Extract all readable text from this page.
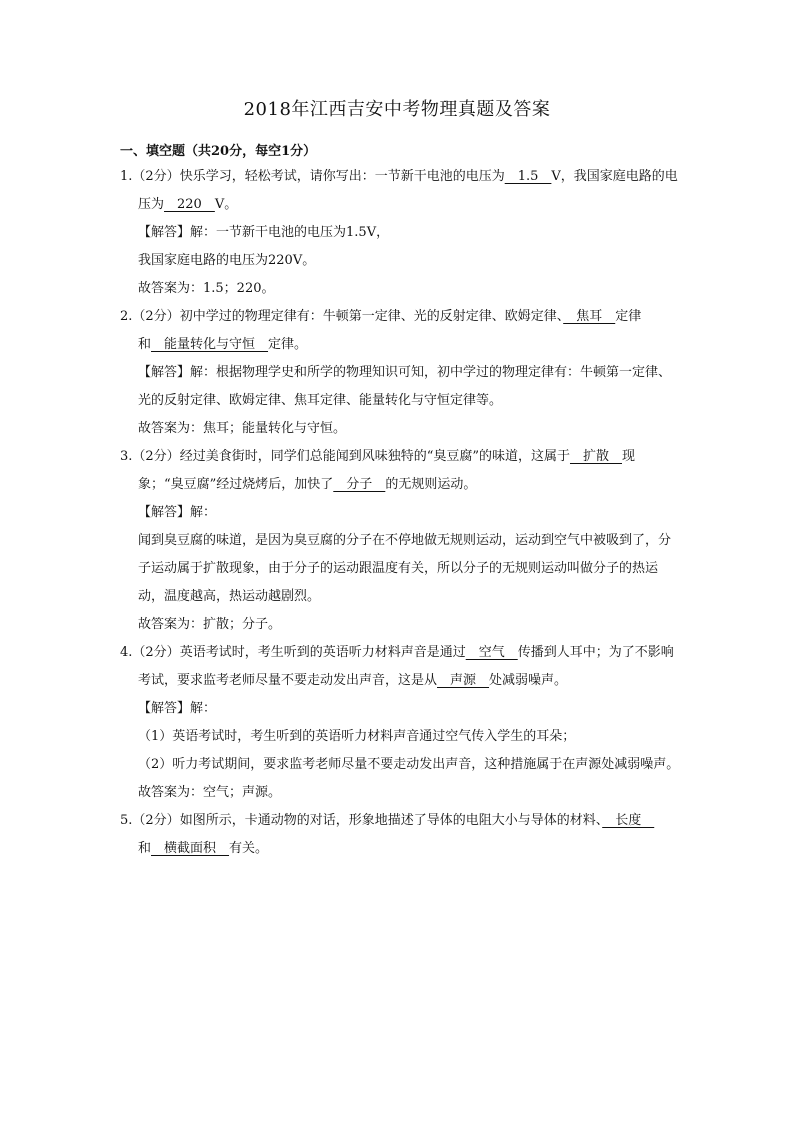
2018年江西吉安中考物理真题及答案
一、填空题（共20分，每空1分）

1.（2分）快乐学习，轻松考试，请你写出：一节新干电池的电压为　1.5　V，我国家庭电路的电压为　220　V。

【解答】解：一节新干电池的电压为1.5V，

我国家庭电路的电压为220V。

故答案为：1.5；220。

2.（2分）初中学过的物理定律有：牛顿第一定律、光的反射定律、欧姆定律、　焦耳　定律和　能量转化与守恒　定律。

【解答】解：根据物理学史和所学的物理知识可知，初中学过的物理定律有：牛顿第一定律、光的反射定律、欧姆定律、焦耳定律、能量转化与守恒定律等。

故答案为：焦耳；能量转化与守恒。

3.（2分）经过美食街时，同学们总能闻到风味独特的“臭豆腐”的味道，这属于　扩散　现象；“臭豆腐”经过烧烤后，加快了　分子　的无规则运动。

【解答】解：

闻到臭豆腐的味道，是因为臭豆腐的分子在不停地做无规则运动，运动到空气中被吸到了，分子运动属于扩散现象，由于分子的运动跟温度有关，所以分子的无规则运动叫做分子的热运动，温度越高，热运动越剧烈。

故答案为：扩散；分子。

4.（2分）英语考试时，考生听到的英语听力材料声音是通过　空气　传播到人耳中；为了不影响考试，要求监考老师尽量不要走动发出声音，这是从　声源　处减弱噪声。

【解答】解：

（1）英语考试时，考生听到的英语听力材料声音通过空气传入学生的耳朵；

（2）听力考试期间，要求监考老师尽量不要走动发出声音，这种措施属于在声源处减弱噪声。

故答案为：空气；声源。

5.（2分）如图所示，卡通动物的对话，形象地描述了导体的电阻大小与导体的材料、　长度　和　横截面积　有关。
